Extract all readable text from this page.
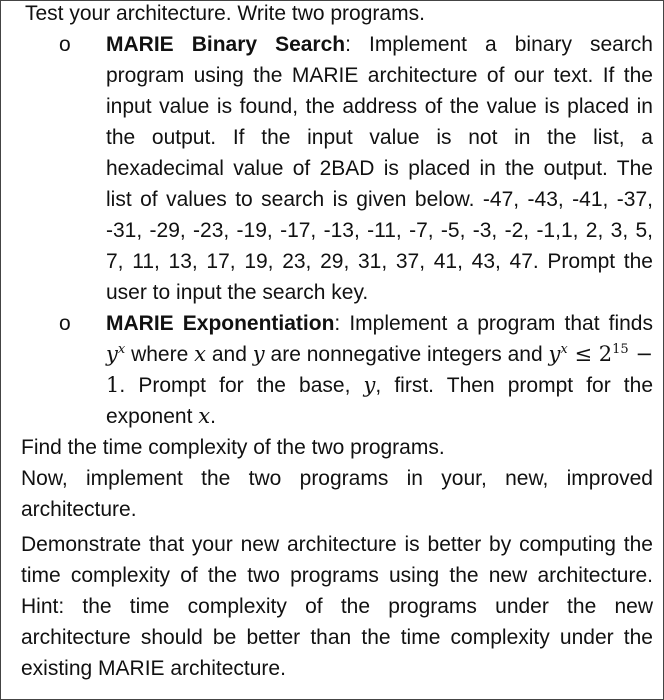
Test your architecture. Write two programs.
o MARIE Binary Search: Implement a binary search program using the MARIE architecture of our text. If the input value is found, the address of the value is placed in the output. If the input value is not in the list, a hexadecimal value of 2BAD is placed in the output. The list of values to search is given below. -47, -43, -41, -37, -31, -29, -23, -19, -17, -13, -11, -7, -5, -3, -2, -1,1, 2, 3, 5, 7, 11, 13, 17, 19, 23, 29, 31, 37, 41, 43, 47. Prompt the user to input the search key.
o MARIE Exponentiation: Implement a program that finds $y^x$ where x and y are nonnegative integers and $y^x \le 2^{15} - 1$. Prompt for the base, y, first. Then prompt for the exponent x.
Find the time complexity of the two programs.
Now, implement the two programs in your, new, improved architecture.
Demonstrate that your new architecture is better by computing the time complexity of the two programs using the new architecture. Hint: the time complexity of the programs under the new architecture should be better than the time complexity under the existing MARIE architecture.
